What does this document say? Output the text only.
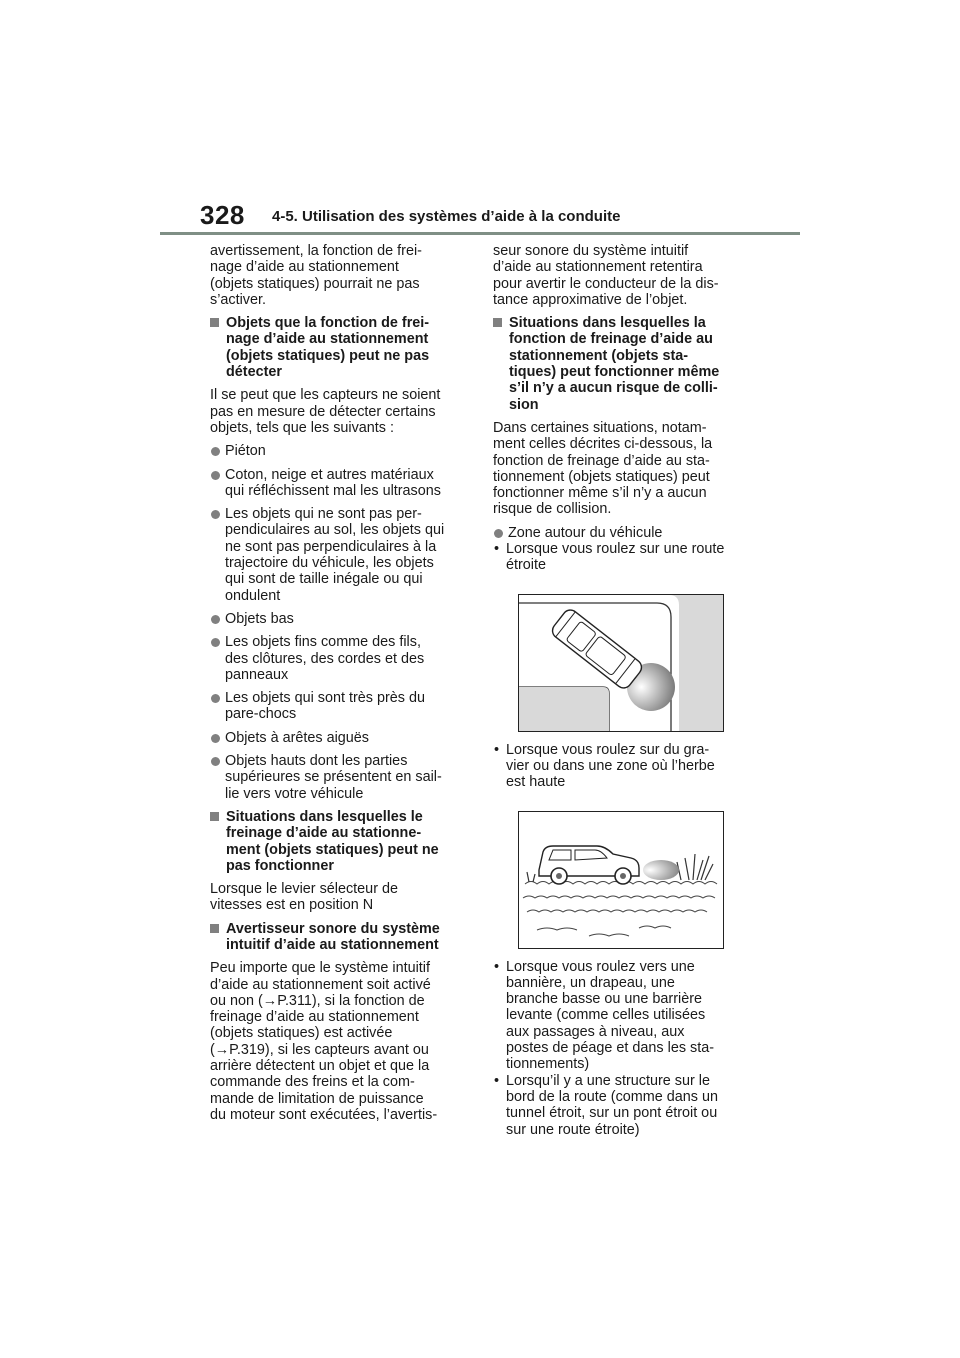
328 4-5. Utilisation des systèmes d’aide à la conduite
avertissement, la fonction de frei-
nage d’aide au stationnement
(objets statiques) pourrait ne pas
s’activer.
Objets que la fonction de frei-
nage d’aide au stationnement
(objets statiques) peut ne pas
détecter
Il se peut que les capteurs ne soient
pas en mesure de détecter certains
objets, tels que les suivants :
Piéton
Coton, neige et autres matériaux
qui réfléchissent mal les ultrasons
Les objets qui ne sont pas per-
pendiculaires au sol, les objets qui
ne sont pas perpendiculaires à la
trajectoire du véhicule, les objets
qui sont de taille inégale ou qui
ondulent
Objets bas
Les objets fins comme des fils,
des clôtures, des cordes et des
panneaux
Les objets qui sont très près du
pare-chocs
Objets à arêtes aiguës
Objets hauts dont les parties
supérieures se présentent en sail-
lie vers votre véhicule
Situations dans lesquelles le
freinage d’aide au stationne-
ment (objets statiques) peut ne
pas fonctionner
Lorsque le levier sélecteur de
vitesses est en position N
Avertisseur sonore du système
intuitif d’aide au stationnement
Peu importe que le système intuitif
d’aide au stationnement soit activé
ou non (→P.311), si la fonction de
freinage d’aide au stationnement
(objets statiques) est activée
(→P.319), si les capteurs avant ou
arrière détectent un objet et que la
commande des freins et la com-
mande de limitation de puissance
du moteur sont exécutées, l’avertis-
seur sonore du système intuitif
d’aide au stationnement retentira
pour avertir le conducteur de la dis-
tance approximative de l’objet.
Situations dans lesquelles la
fonction de freinage d’aide au
stationnement (objets sta-
tiques) peut fonctionner même
s’il n’y a aucun risque de colli-
sion
Dans certaines situations, notam-
ment celles décrites ci-dessous, la
fonction de freinage d’aide au sta-
tionnement (objets statiques) peut
fonctionner même s’il n’y a aucun
risque de collision.
Zone autour du véhicule
• Lorsque vous roulez sur une route
étroite
• Lorsque vous roulez sur du gra-
vier ou dans une zone où l’herbe
est haute
• Lorsque vous roulez vers une
bannière, un drapeau, une
branche basse ou une barrière
levante (comme celles utilisées
aux passages à niveau, aux
postes de péage et dans les sta-
tionnements)
• Lorsqu’il y a une structure sur le
bord de la route (comme dans un
tunnel étroit, sur un pont étroit ou
sur une route étroite)
